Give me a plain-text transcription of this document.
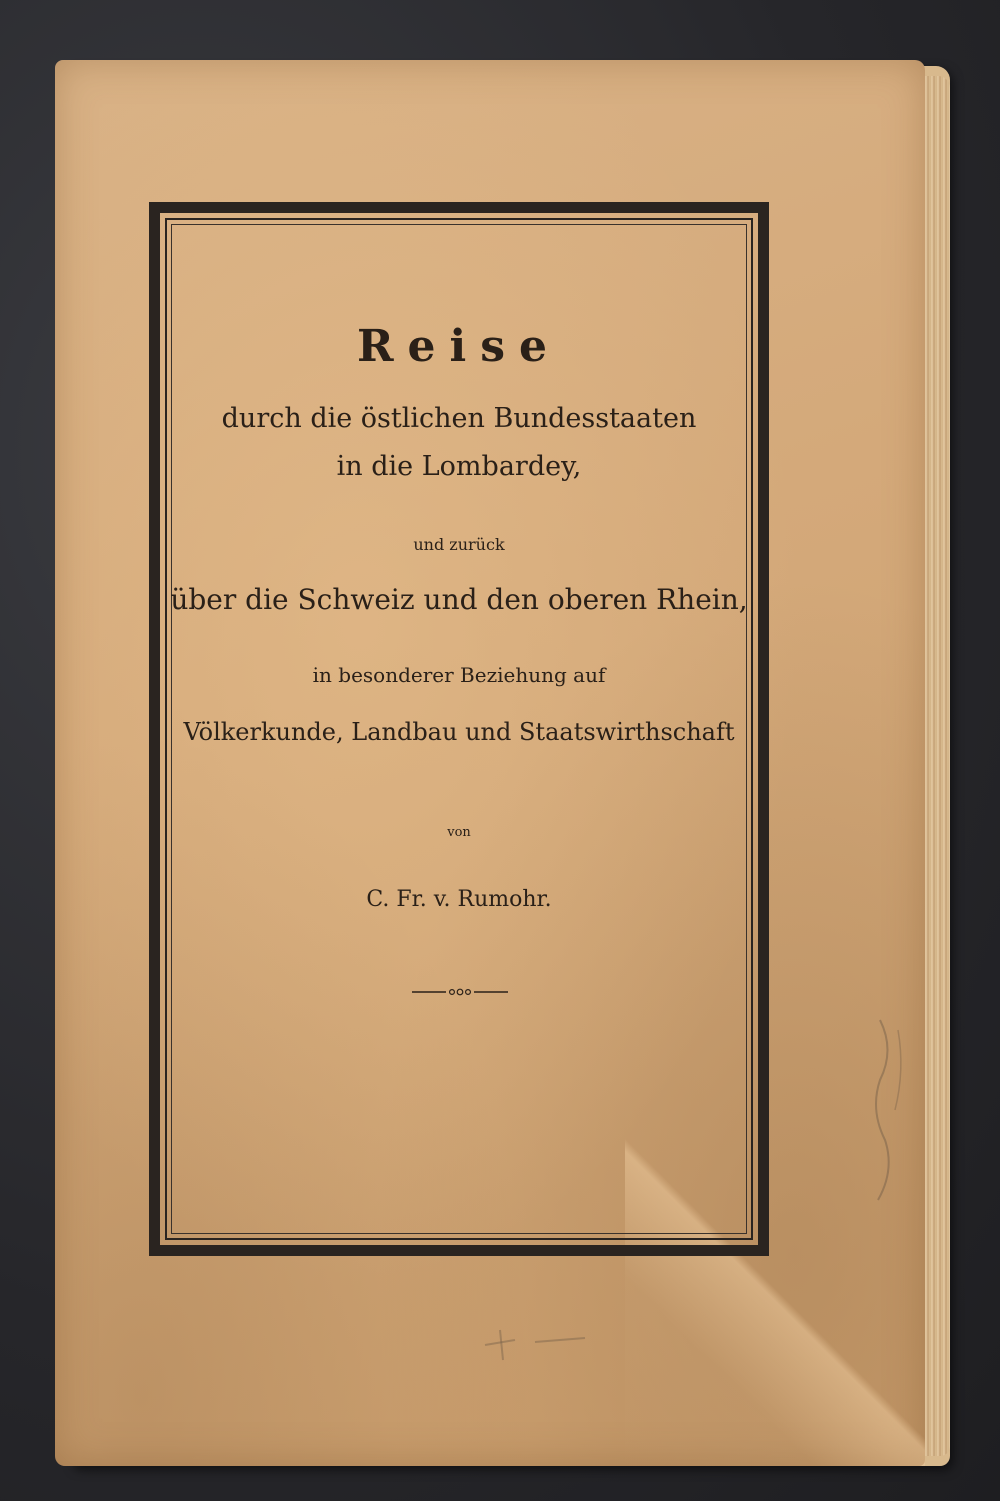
Reise
durch die östlichen Bundesstaaten
in die Lombardey,
und zurück
über die Schweiz und den oberen Rhein,
in besonderer Beziehung auf
Völkerkunde, Landbau und Staatswirthschaft
von
C. Fr. v. Rumohr.
